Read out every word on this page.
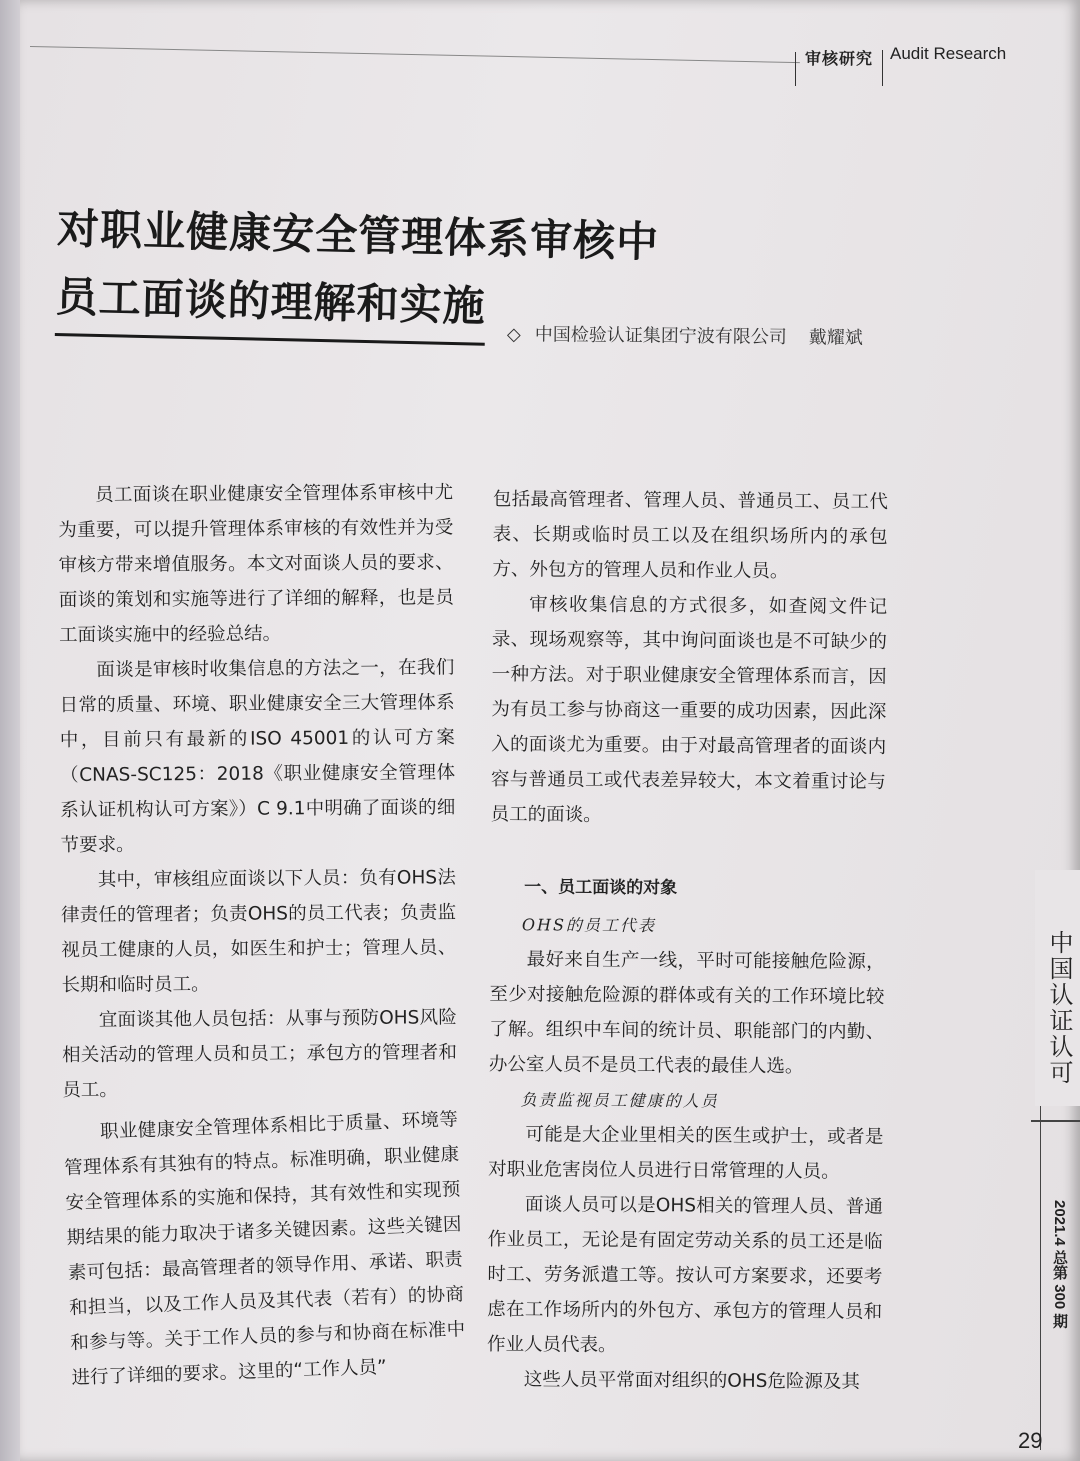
审核研究 Audit Research
对职业健康安全管理体系审核中
员工面谈的理解和实施
◇ 中国检验认证集团宁波有限公司 戴耀斌

员工面谈在职业健康安全管理体系审核中尤为重要，可以提升管理体系审核的有效性并为受审核方带来增值服务。本文对面谈人员的要求、面谈的策划和实施等进行了详细的解释，也是员工面谈实施中的经验总结。

面谈是审核时收集信息的方法之一，在我们日常的质量、环境、职业健康安全三大管理体系中，目前只有最新的ISO 45001的认可方案（CNAS-SC125：2018《职业健康安全管理体系认证机构认可方案》）C 9.1中明确了面谈的细节要求。

其中，审核组应面谈以下人员：负有OHS法律责任的管理者；负责OHS的员工代表；负责监视员工健康的人员，如医生和护士；管理人员、长期和临时员工。

宜面谈其他人员包括：从事与预防OHS风险相关活动的管理人员和员工；承包方的管理者和员工。

职业健康安全管理体系相比于质量、环境等管理体系有其独有的特点。标准明确，职业健康安全管理体系的实施和保持，其有效性和实现预期结果的能力取决于诸多关键因素。这些关键因素可包括：最高管理者的领导作用、承诺、职责和担当，以及工作人员及其代表（若有）的协商和参与等。关于工作人员的参与和协商在标准中进行了详细的要求。这里的“工作人员”

包括最高管理者、管理人员、普通员工、员工代表、长期或临时员工以及在组织场所内的承包方、外包方的管理人员和作业人员。

审核收集信息的方式很多，如查阅文件记录、现场观察等，其中询问面谈也是不可缺少的一种方法。对于职业健康安全管理体系而言，因为有员工参与协商这一重要的成功因素，因此深入的面谈尤为重要。由于对最高管理者的面谈内容与普通员工或代表差异较大，本文着重讨论与员工的面谈。

一、员工面谈的对象

OHS的员工代表

最好来自生产一线，平时可能接触危险源，至少对接触危险源的群体或有关的工作环境比较了解。组织中车间的统计员、职能部门的内勤、办公室人员不是员工代表的最佳人选。

负责监视员工健康的人员

可能是大企业里相关的医生或护士，或者是对职业危害岗位人员进行日常管理的人员。

面谈人员可以是OHS相关的管理人员、普通作业员工，无论是有固定劳动关系的员工还是临时工、劳务派遣工等。按认可方案要求，还要考虑在工作场所内的外包方、承包方的管理人员和作业人员代表。

这些人员平常面对组织的OHS危险源及其

中国认证认可
2021.4 总第 300 期
29
